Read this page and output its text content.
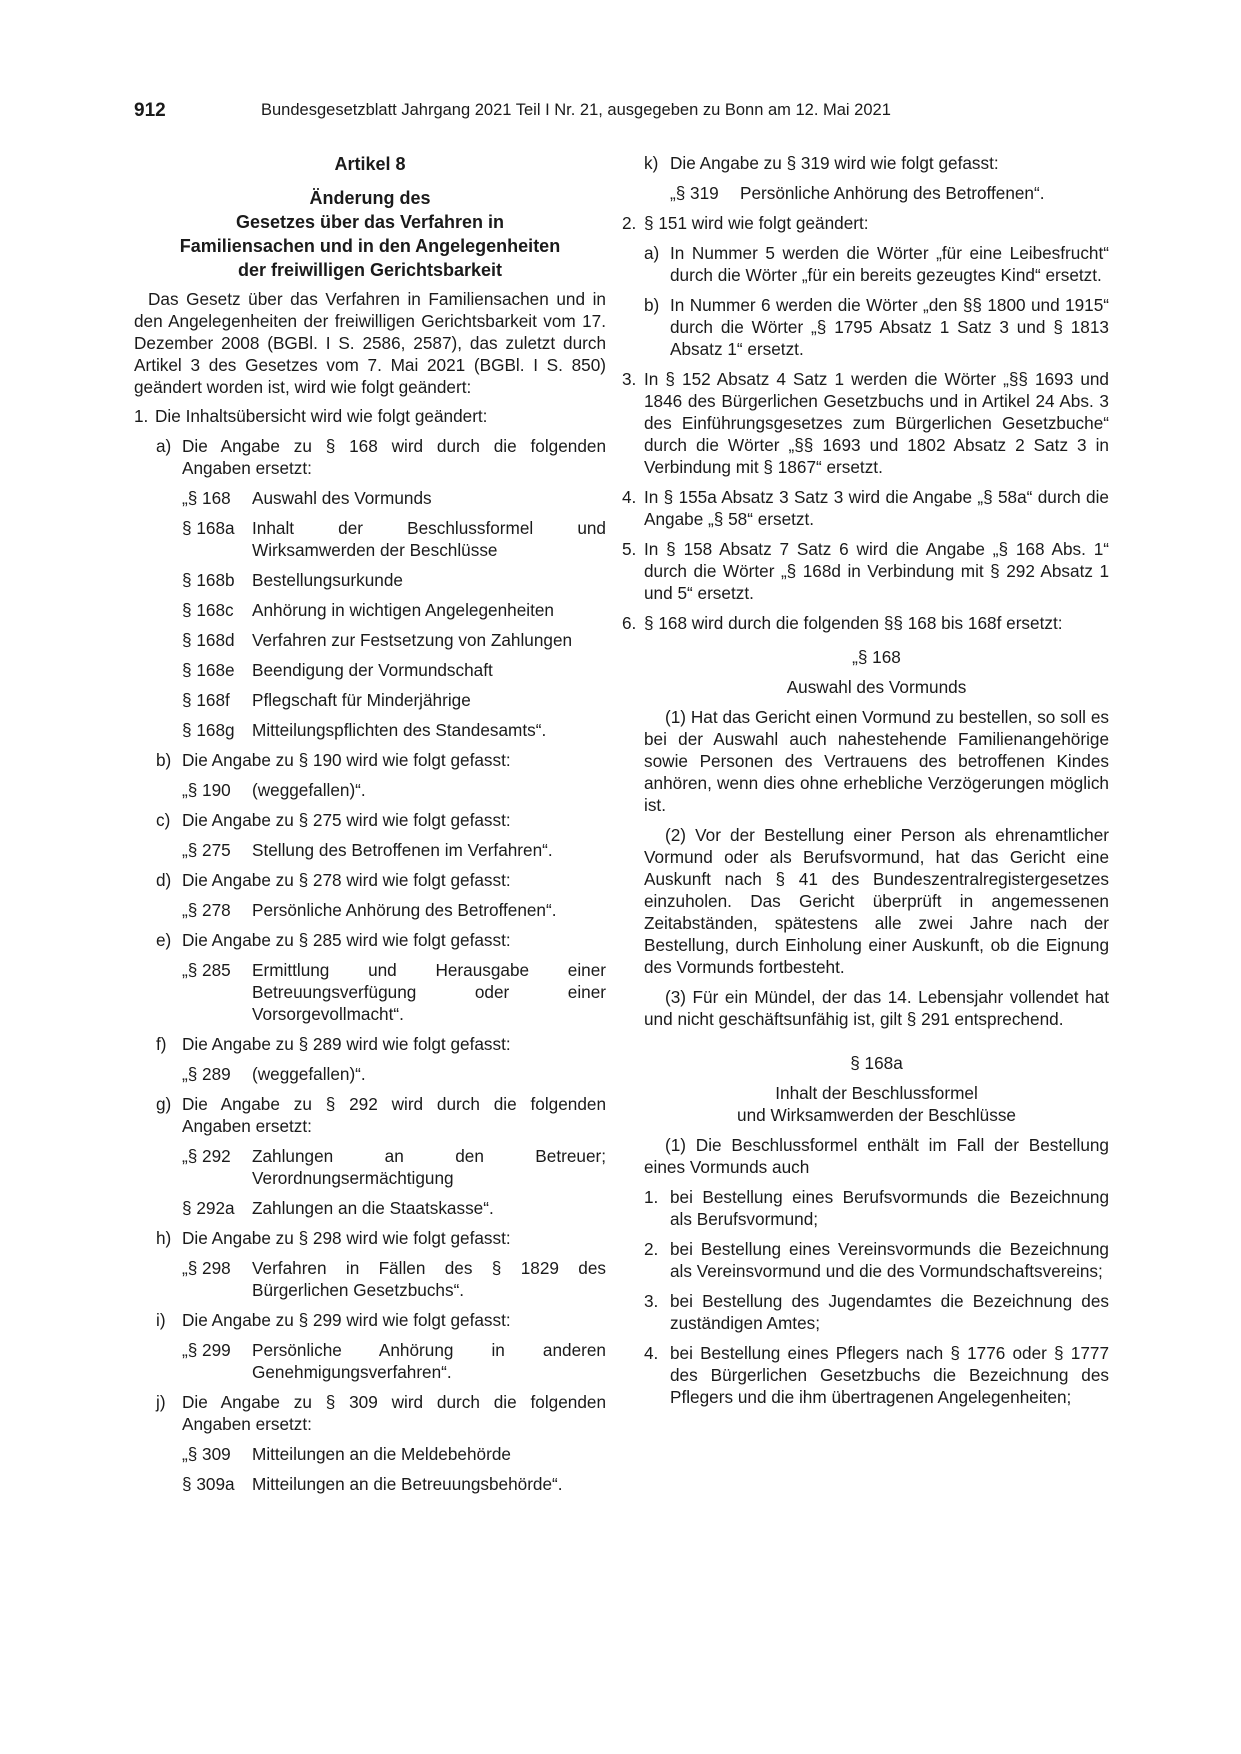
912	Bundesgesetzblatt Jahrgang 2021 Teil I Nr. 21, ausgegeben zu Bonn am 12. Mai 2021
Artikel 8
Änderung des
Gesetzes über das Verfahren in
Familiensachen und in den Angelegenheiten
der freiwilligen Gerichtsbarkeit
Das Gesetz über das Verfahren in Familiensachen und in den Angelegenheiten der freiwilligen Gerichtsbarkeit vom 17. Dezember 2008 (BGBl. I S. 2586, 2587), das zuletzt durch Artikel 3 des Gesetzes vom 7. Mai 2021 (BGBl. I S. 850) geändert worden ist, wird wie folgt geändert:
1. Die Inhaltsübersicht wird wie folgt geändert:
a) Die Angabe zu § 168 wird durch die folgenden Angaben ersetzt:
„§ 168 Auswahl des Vormunds
§ 168a Inhalt der Beschlussformel und Wirksamwerden der Beschlüsse
§ 168b Bestellungsurkunde
§ 168c Anhörung in wichtigen Angelegenheiten
§ 168d Verfahren zur Festsetzung von Zahlungen
§ 168e Beendigung der Vormundschaft
§ 168f Pflegschaft für Minderjährige
§ 168g Mitteilungspflichten des Standesamts“.
b) Die Angabe zu § 190 wird wie folgt gefasst:
„§ 190 (weggefallen)“.
c) Die Angabe zu § 275 wird wie folgt gefasst:
„§ 275 Stellung des Betroffenen im Verfahren“.
d) Die Angabe zu § 278 wird wie folgt gefasst:
„§ 278 Persönliche Anhörung des Betroffenen“.
e) Die Angabe zu § 285 wird wie folgt gefasst:
„§ 285 Ermittlung und Herausgabe einer Betreuungsverfügung oder einer Vorsorgevollmacht“.
f) Die Angabe zu § 289 wird wie folgt gefasst:
„§ 289 (weggefallen)“.
g) Die Angabe zu § 292 wird durch die folgenden Angaben ersetzt:
„§ 292 Zahlungen an den Betreuer; Verordnungsermächtigung
§ 292a Zahlungen an die Staatskasse“.
h) Die Angabe zu § 298 wird wie folgt gefasst:
„§ 298 Verfahren in Fällen des § 1829 des Bürgerlichen Gesetzbuchs“.
i) Die Angabe zu § 299 wird wie folgt gefasst:
„§ 299 Persönliche Anhörung in anderen Genehmigungsverfahren“.
j) Die Angabe zu § 309 wird durch die folgenden Angaben ersetzt:
„§ 309 Mitteilungen an die Meldebehörde
§ 309a Mitteilungen an die Betreuungsbehörde“.
k) Die Angabe zu § 319 wird wie folgt gefasst:
„§ 319 Persönliche Anhörung des Betroffenen“.
2. § 151 wird wie folgt geändert:
a) In Nummer 5 werden die Wörter „für eine Leibesfrucht“ durch die Wörter „für ein bereits gezeugtes Kind“ ersetzt.
b) In Nummer 6 werden die Wörter „den §§ 1800 und 1915“ durch die Wörter „§ 1795 Absatz 1 Satz 3 und § 1813 Absatz 1“ ersetzt.
3. In § 152 Absatz 4 Satz 1 werden die Wörter „§§ 1693 und 1846 des Bürgerlichen Gesetzbuchs und in Artikel 24 Abs. 3 des Einführungsgesetzes zum Bürgerlichen Gesetzbuche“ durch die Wörter „§§ 1693 und 1802 Absatz 2 Satz 3 in Verbindung mit § 1867“ ersetzt.
4. In § 155a Absatz 3 Satz 3 wird die Angabe „§ 58a“ durch die Angabe „§ 58“ ersetzt.
5. In § 158 Absatz 7 Satz 6 wird die Angabe „§ 168 Abs. 1“ durch die Wörter „§ 168d in Verbindung mit § 292 Absatz 1 und 5“ ersetzt.
6. § 168 wird durch die folgenden §§ 168 bis 168f ersetzt:
„§ 168
Auswahl des Vormunds
(1) Hat das Gericht einen Vormund zu bestellen, so soll es bei der Auswahl auch nahestehende Familienangehörige sowie Personen des Vertrauens des betroffenen Kindes anhören, wenn dies ohne erhebliche Verzögerungen möglich ist.
(2) Vor der Bestellung einer Person als ehrenamtlicher Vormund oder als Berufsvormund, hat das Gericht eine Auskunft nach § 41 des Bundeszentralregistergesetzes einzuholen. Das Gericht überprüft in angemessenen Zeitabständen, spätestens alle zwei Jahre nach der Bestellung, durch Einholung einer Auskunft, ob die Eignung des Vormunds fortbesteht.
(3) Für ein Mündel, der das 14. Lebensjahr vollendet hat und nicht geschäftsunfähig ist, gilt § 291 entsprechend.
§ 168a
Inhalt der Beschlussformel
und Wirksamwerden der Beschlüsse
(1) Die Beschlussformel enthält im Fall der Bestellung eines Vormunds auch
1. bei Bestellung eines Berufsvormunds die Bezeichnung als Berufsvormund;
2. bei Bestellung eines Vereinsvormunds die Bezeichnung als Vereinsvormund und die des Vormundschaftsvereins;
3. bei Bestellung des Jugendamtes die Bezeichnung des zuständigen Amtes;
4. bei Bestellung eines Pflegers nach § 1776 oder § 1777 des Bürgerlichen Gesetzbuchs die Bezeichnung des Pflegers und die ihm übertragenen Angelegenheiten;
